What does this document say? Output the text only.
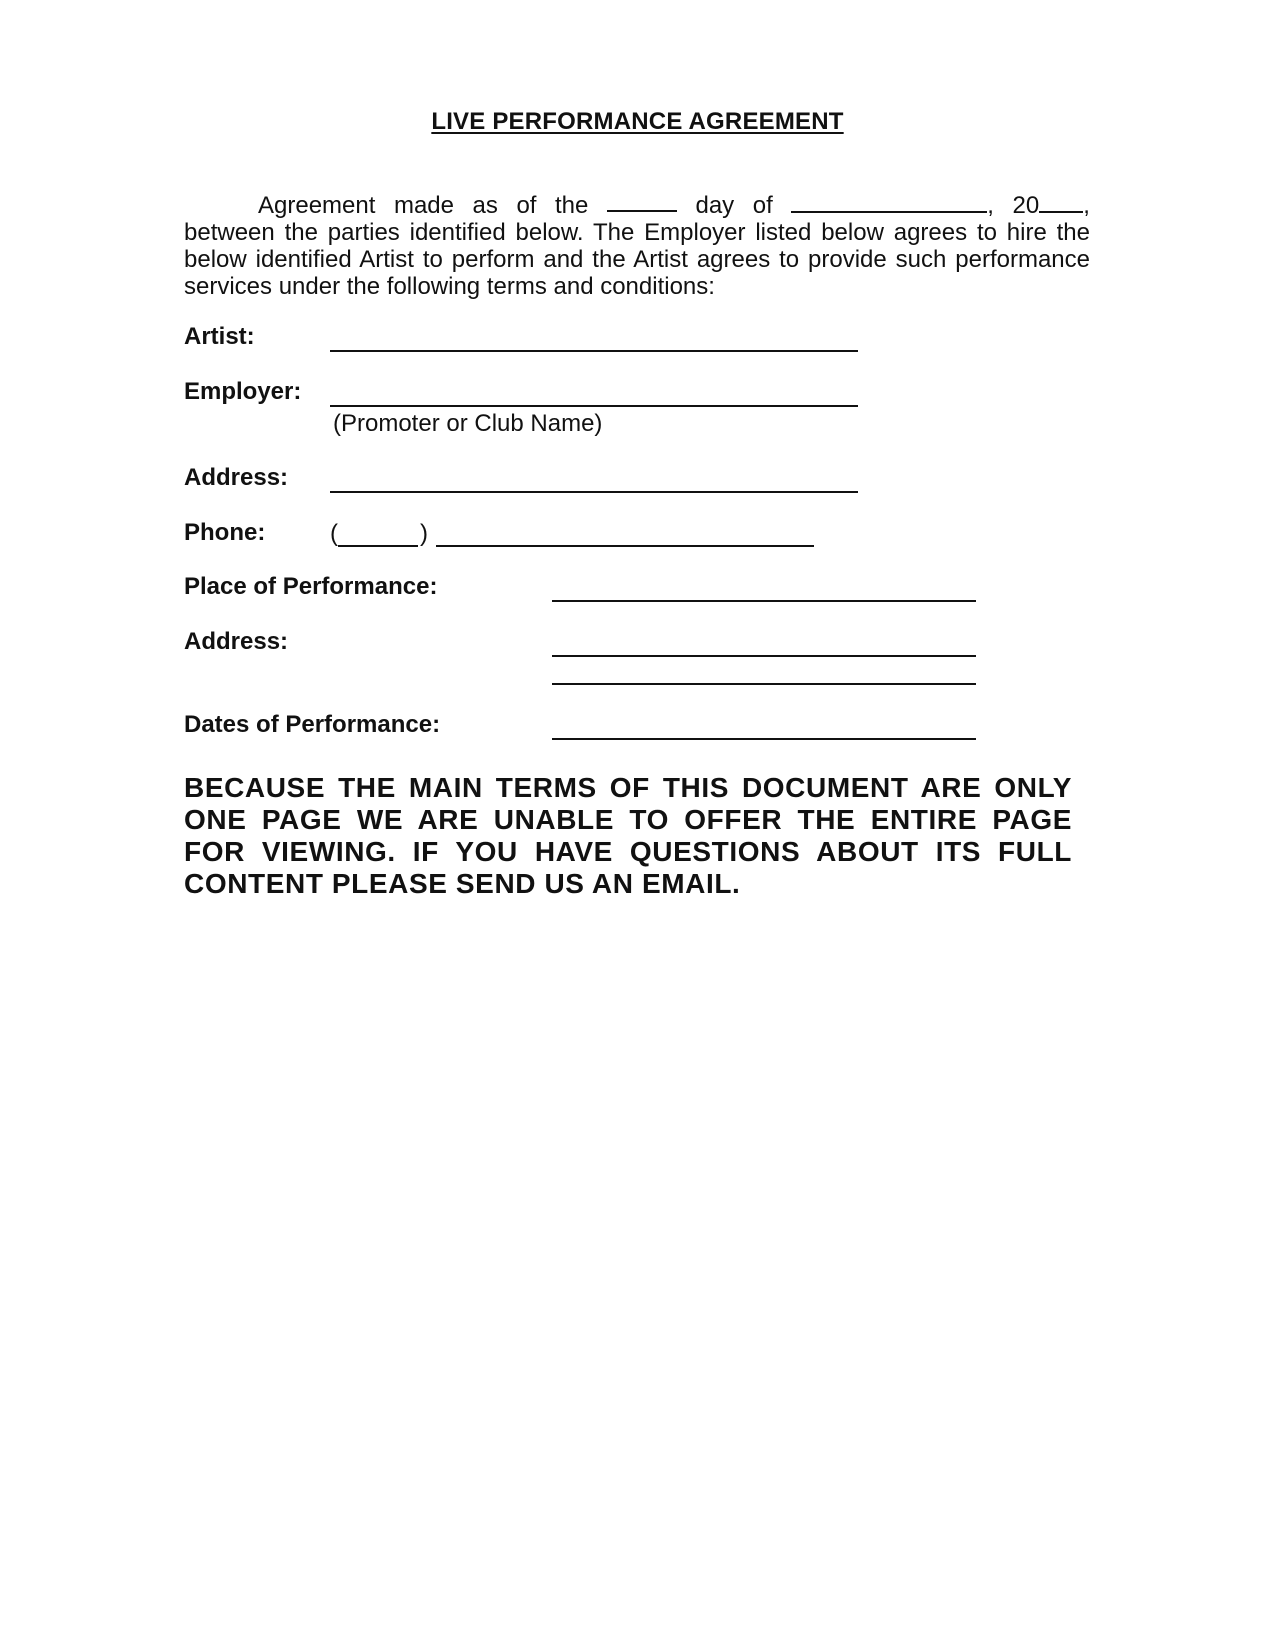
LIVE PERFORMANCE AGREEMENT
Agreement made as of the	day of	, 20 ,
between the parties identified below. The Employer listed below agrees to hire the below identified Artist to perform and the Artist agrees to provide such performance services under the following terms and conditions:
Artist:
Employer:
(Promoter or Club Name)
Address:
Phone:	(	)
Place of Performance:
Address:
Dates of Performance:
BECAUSE THE MAIN TERMS OF THIS DOCUMENT ARE ONLY ONE PAGE WE ARE UNABLE TO OFFER THE ENTIRE PAGE FOR VIEWING. IF YOU HAVE QUESTIONS ABOUT ITS FULL CONTENT PLEASE SEND US AN EMAIL.
